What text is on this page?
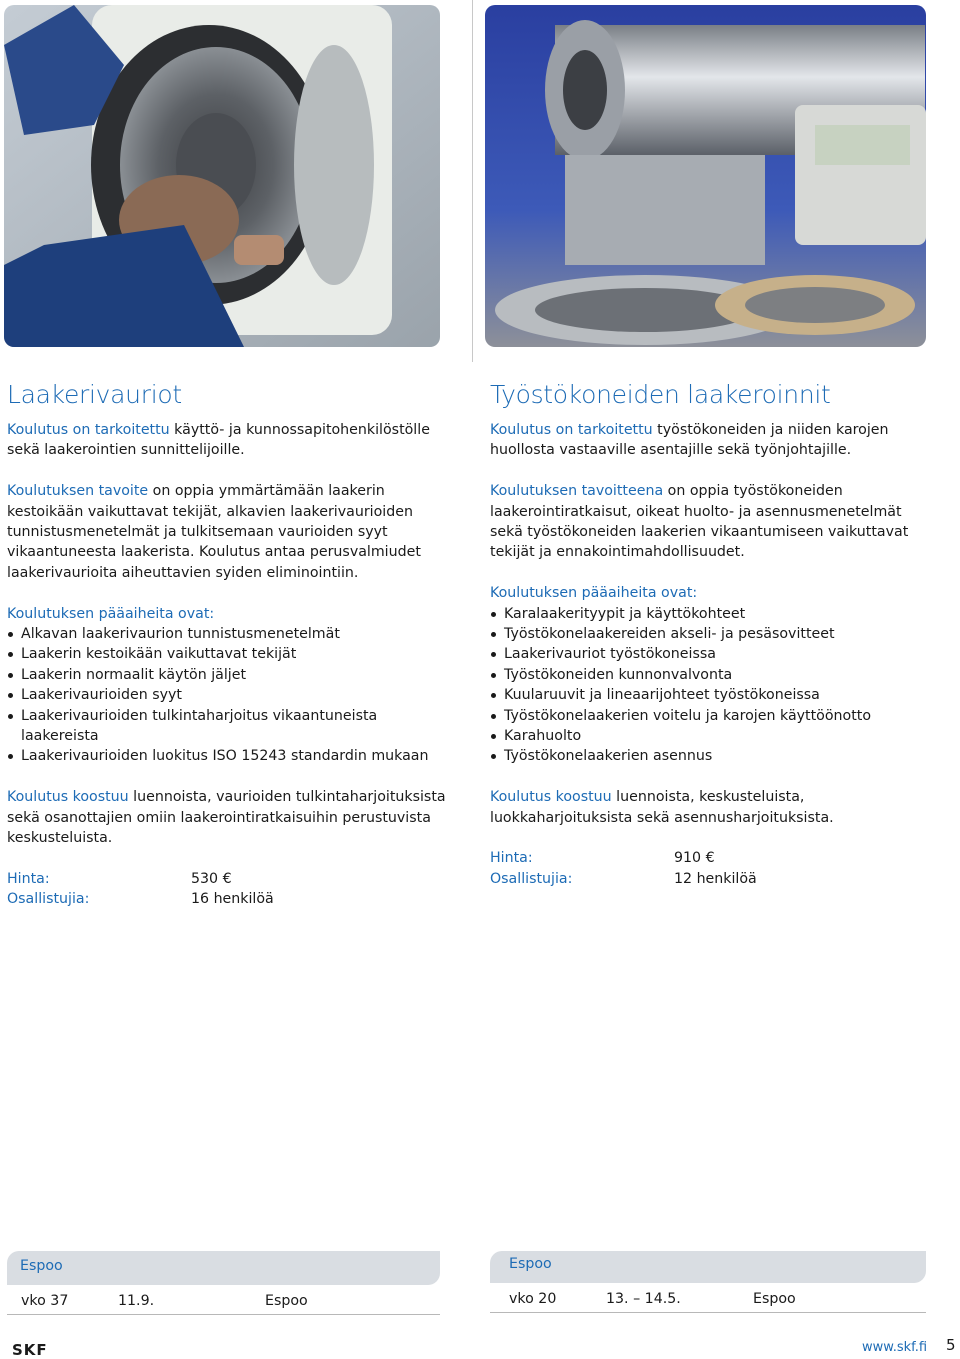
Laakerivauriot

Koulutus on tarkoitettu käyttö- ja kunnossapitohenkilöstölle sekä laakerointien sunnittelijoille.

Koulutuksen tavoite on oppia ymmärtämään laakerin kestoikään vaikuttavat tekijät, alkavien laakerivaurioiden tunnistusmenetelmät ja tulkitsemaan vaurioiden syyt vikaantuneesta laakerista. Koulutus antaa perusvalmiudet laakerivaurioita aiheuttavien syiden eliminointiin.

Koulutuksen pääaiheita ovat:
Alkavan laakerivaurion tunnistusmenetelmät
Laakerin kestoikään vaikuttavat tekijät
Laakerin normaalit käytön jäljet
Laakerivaurioiden syyt
Laakerivaurioiden tulkintaharjoitus vikaantuneista laakereista
Laakerivaurioiden luokitus ISO 15243 standardin mukaan

Koulutus koostuu luennoista, vaurioiden tulkintaharjoituksista sekä osanottajien omiin laakerointiratkaisuihin perustuvista keskusteluista.

Hinta:	530 €
Osallistujia:	16 henkilöä
Työstökoneiden laakeroinnit

Koulutus on tarkoitettu työstökoneiden ja niiden karojen huollosta vastaaville asentajille sekä työnjohtajille.

Koulutuksen tavoitteena on oppia työstökoneiden laakerointiratkaisut, oikeat huolto- ja asennusmenetelmät sekä työstökoneiden laakerien vikaantumiseen vaikuttavat tekijät ja ennakointimahdollisuudet.

Koulutuksen pääaiheita ovat:
Karalaakerityypit ja käyttökohteet
Työstökonelaakereiden akseli- ja pesäsovitteet
Laakerivauriot työstökoneissa
Työstökoneiden kunnonvalvonta
Kuularuuvit ja lineaarijohteet työstökoneissa
Työstökonelaakerien voitelu ja karojen käyttöönotto
Karahuolto
Työstökonelaakerien asennus

Koulutus koostuu luennoista, keskusteluista, luokkaharjoituksista sekä asennusharjoituksista.

Hinta:	910 €
Osallistujia:	12 henkilöä
Espoo
vko 37	11.9.	Espoo
Espoo
vko 20	13. – 14.5.	Espoo
SKF	www.skf.fi 5
